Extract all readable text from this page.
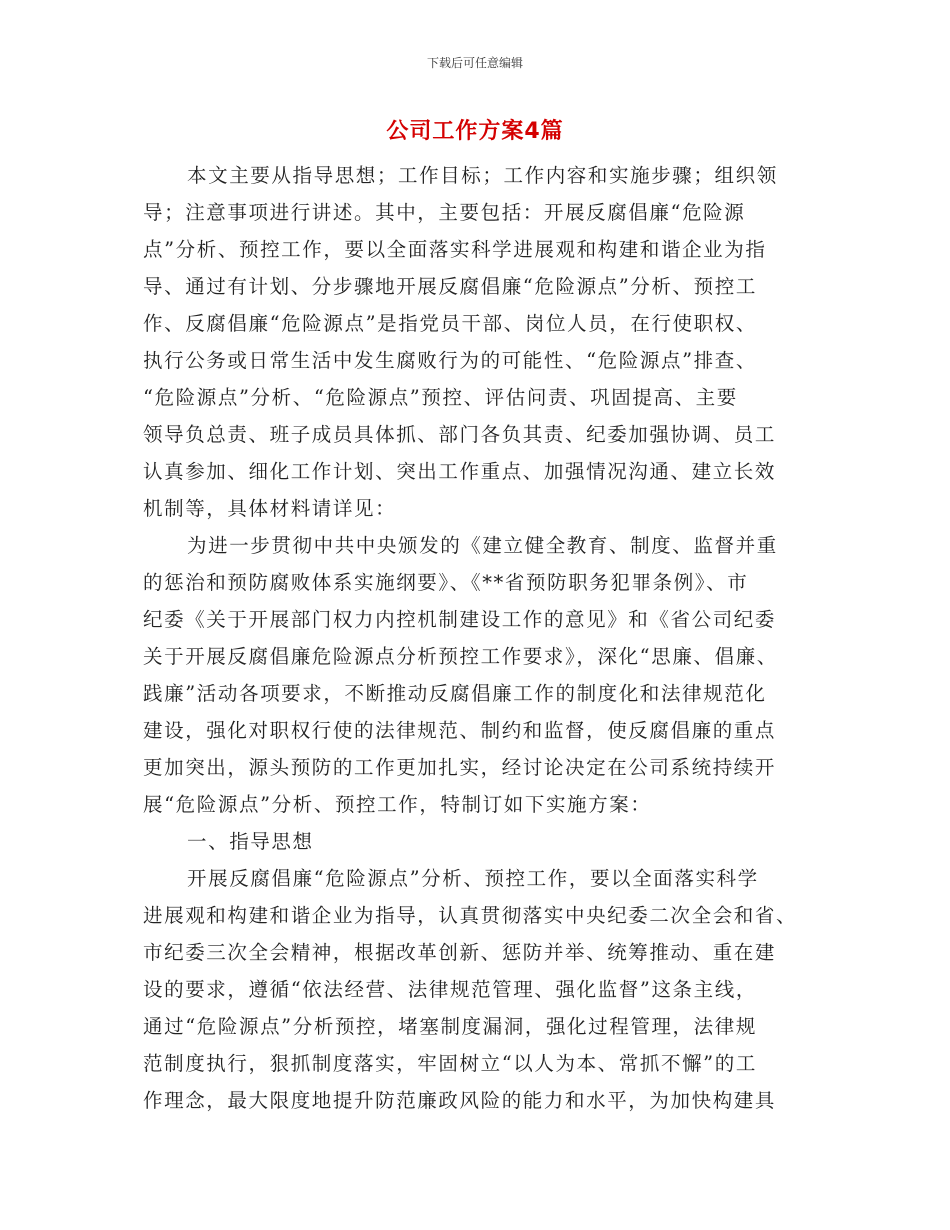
下载后可任意编辑
公司工作方案4篇
本文主要从指导思想；工作目标；工作内容和实施步骤；组织领
导；注意事项进行讲述。其中，主要包括：开展反腐倡廉“危险源
点”分析、预控工作，要以全面落实科学进展观和构建和谐企业为指
导、通过有计划、分步骤地开展反腐倡廉“危险源点”分析、预控工
作、反腐倡廉“危险源点”是指党员干部、岗位人员，在行使职权、
执行公务或日常生活中发生腐败行为的可能性、“危险源点”排查、
“危险源点”分析、“危险源点”预控、评估问责、巩固提高、主要
领导负总责、班子成员具体抓、部门各负其责、纪委加强协调、员工
认真参加、细化工作计划、突出工作重点、加强情况沟通、建立长效
机制等，具体材料请详见：
为进一步贯彻中共中央颁发的《建立健全教育、制度、监督并重
的惩治和预防腐败体系实施纲要》、《**省预防职务犯罪条例》、市
纪委《关于开展部门权力内控机制建设工作的意见》和《省公司纪委
关于开展反腐倡廉危险源点分析预控工作要求》，深化“思廉、倡廉、
践廉”活动各项要求，不断推动反腐倡廉工作的制度化和法律规范化
建设，强化对职权行使的法律规范、制约和监督，使反腐倡廉的重点
更加突出，源头预防的工作更加扎实，经讨论决定在公司系统持续开
展“危险源点”分析、预控工作，特制订如下实施方案：
一、指导思想
开展反腐倡廉“危险源点”分析、预控工作，要以全面落实科学
进展观和构建和谐企业为指导，认真贯彻落实中央纪委二次全会和省、
市纪委三次全会精神，根据改革创新、惩防并举、统筹推动、重在建
设的要求，遵循“依法经营、法律规范管理、强化监督”这条主线，
通过“危险源点”分析预控，堵塞制度漏洞，强化过程管理，法律规
范制度执行，狠抓制度落实，牢固树立“以人为本、常抓不懈”的工
作理念，最大限度地提升防范廉政风险的能力和水平，为加快构建具
